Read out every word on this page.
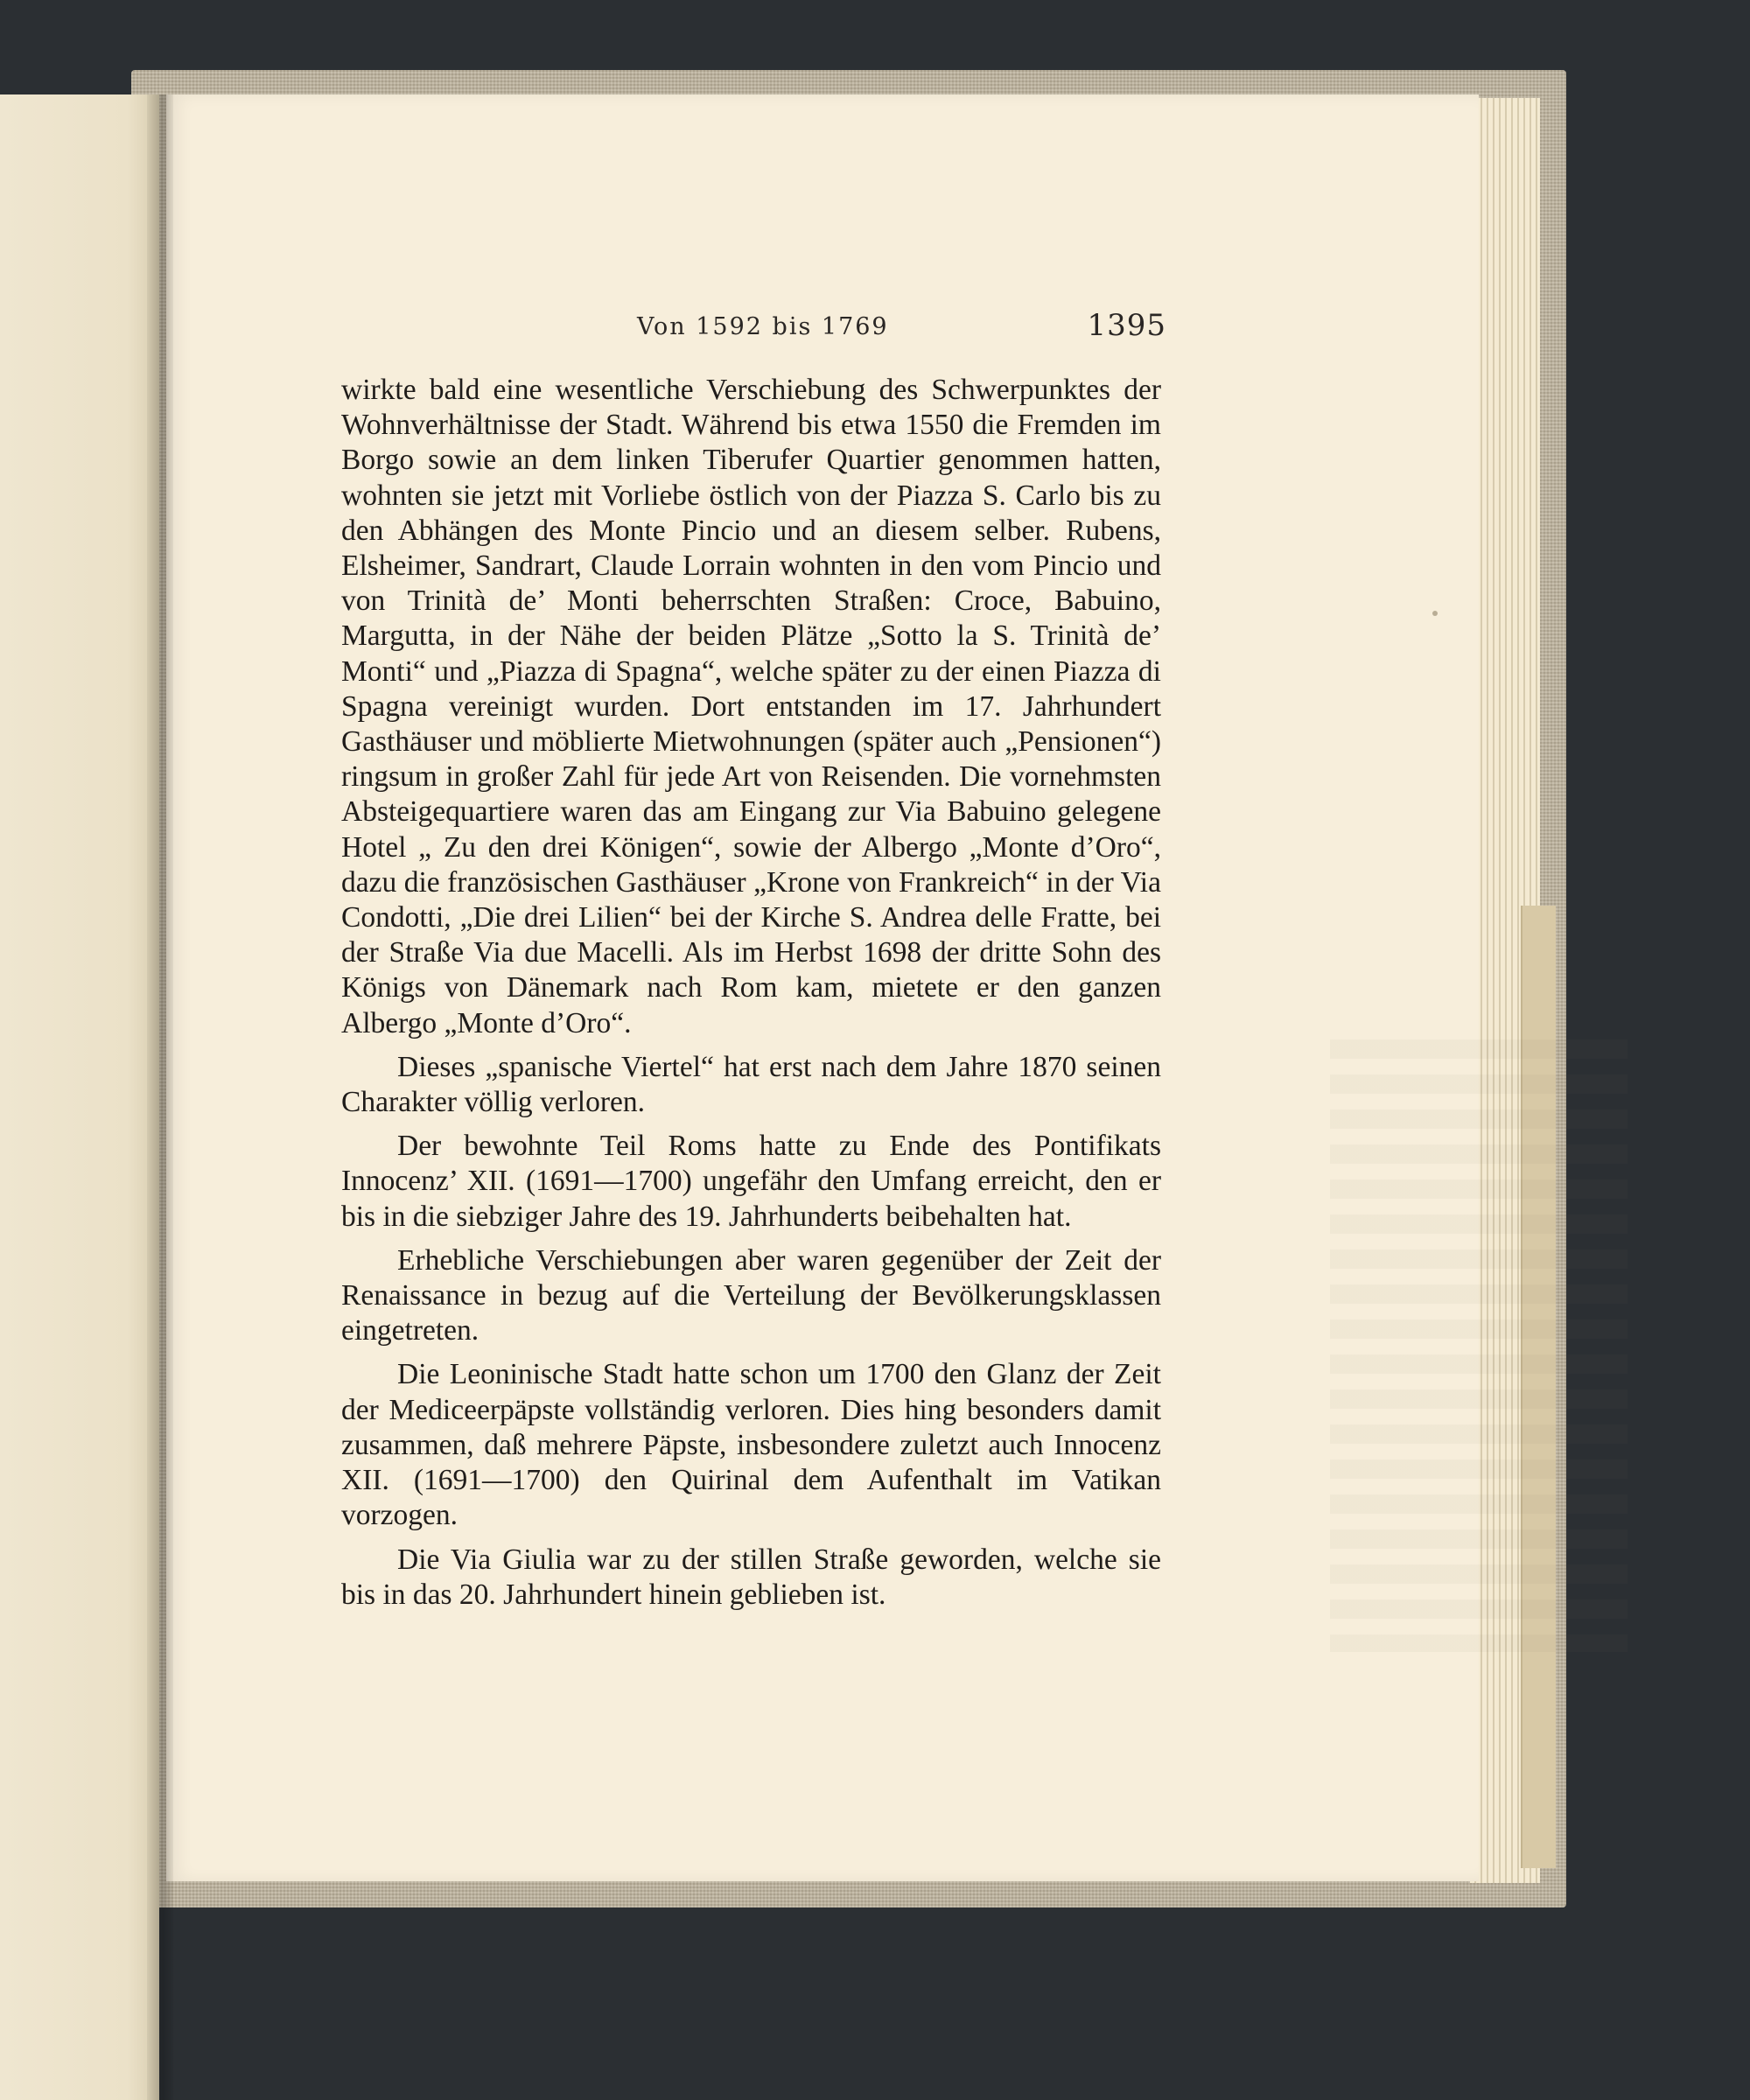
Von 1592 bis 1769	1395

wirkte bald eine wesentliche Verschiebung des Schwerpunktes der Wohnverhältnisse der Stadt. Während bis etwa 1550 die Fremden im Borgo sowie an dem linken Tiberufer Quartier genommen hatten, wohnten sie jetzt mit Vorliebe östlich von der Piazza S. Carlo bis zu den Abhängen des Monte Pincio und an diesem selber. Rubens, Elsheimer, Sandrart, Claude Lorrain wohnten in den vom Pincio und von Trinità de’ Monti beherrschten Straßen: Croce, Babuino, Margutta, in der Nähe der beiden Plätze „Sotto la S. Trinità de’ Monti“ und „Piazza di Spagna“, welche später zu der einen Piazza di Spagna vereinigt wurden. Dort entstanden im 17. Jahrhundert Gasthäuser und möblierte Mietwohnungen (später auch „Pensionen“) ringsum in großer Zahl für jede Art von Reisenden. Die vornehmsten Absteigequartiere waren das am Eingang zur Via Babuino gelegene Hotel „ Zu den drei Königen“, sowie der Albergo „Monte d’Oro“, dazu die französischen Gasthäuser „Krone von Frankreich“ in der Via Condotti, „Die drei Lilien“ bei der Kirche S. Andrea delle Fratte, bei der Straße Via due Macelli. Als im Herbst 1698 der dritte Sohn des Königs von Dänemark nach Rom kam, mietete er den ganzen Albergo „Monte d’Oro“.

Dieses „spanische Viertel“ hat erst nach dem Jahre 1870 seinen Charakter völlig verloren.

Der bewohnte Teil Roms hatte zu Ende des Pontifikats Innocenz’ XII. (1691—1700) ungefähr den Umfang erreicht, den er bis in die siebziger Jahre des 19. Jahrhunderts beibehalten hat.

Erhebliche Verschiebungen aber waren gegenüber der Zeit der Renaissance in bezug auf die Verteilung der Bevölkerungsklassen eingetreten.

Die Leoninische Stadt hatte schon um 1700 den Glanz der Zeit der Mediceerpäpste vollständig verloren. Dies hing besonders damit zusammen, daß mehrere Päpste, insbesondere zuletzt auch Innocenz XII. (1691—1700) den Quirinal dem Aufenthalt im Vatikan vorzogen.

Die Via Giulia war zu der stillen Straße geworden, welche sie bis in das 20. Jahrhundert hinein geblieben ist.
